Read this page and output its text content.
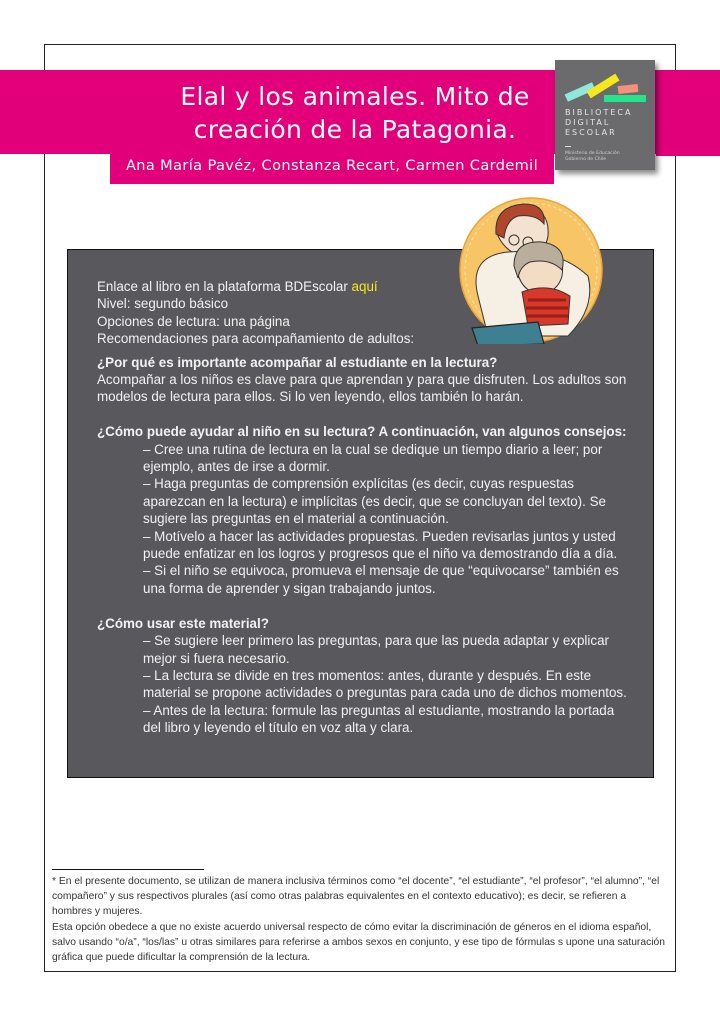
Elal y los animales. Mito de
creación de la Patagonia.
Ana María Pavéz, Constanza Recart, Carmen Cardemil
BIBLIOTECA
DIGITAL
ESCOLAR
Ministerio de Educación
Gobierno de Chile
Enlace al libro en la plataforma BDEscolar aquí
Nivel: segundo básico
Opciones de lectura: una página
Recomendaciones para acompañamiento de adultos:
¿Por qué es importante acompañar al estudiante en la lectura?
Acompañar a los niños es clave para que aprendan y para que disfruten. Los adultos son
modelos de lectura para ellos. Si lo ven leyendo, ellos también lo harán.
¿Cómo puede ayudar al niño en su lectura? A continuación, van algunos consejos:
– Cree una rutina de lectura en la cual se dedique un tiempo diario a leer; por
ejemplo, antes de irse a dormir.
– Haga preguntas de comprensión explícitas (es decir, cuyas respuestas
aparezcan en la lectura) e implícitas (es decir, que se concluyan del texto). Se
sugiere las preguntas en el material a continuación.
– Motívelo a hacer las actividades propuestas. Pueden revisarlas juntos y usted
puede enfatizar en los logros y progresos que el niño va demostrando día a día.
– Si el niño se equivoca, promueva el mensaje de que “equivocarse” también es
una forma de aprender y sigan trabajando juntos.
¿Cómo usar este material?
– Se sugiere leer primero las preguntas, para que las pueda adaptar y explicar
mejor si fuera necesario.
– La lectura se divide en tres momentos: antes, durante y después. En este
material se propone actividades o preguntas para cada uno de dichos momentos.
– Antes de la lectura: formule las preguntas al estudiante, mostrando la portada
del libro y leyendo el título en voz alta y clara.

* En el presente documento, se utilizan de manera inclusiva términos como “el docente”, “el estudiante”, “el profesor”, “el alumno”, “el compañero” y sus respectivos plurales (así como otras palabras equivalentes en el contexto educativo); es decir, se refieren a hombres y mujeres.

Esta opción obedece a que no existe acuerdo universal respecto de cómo evitar la discriminación de géneros en el idioma español, salvo usando “o/a”, “los/las” u otras similares para referirse a ambos sexos en conjunto, y ese tipo de fórmulas s upone una saturación gráfica que puede dificultar la comprensión de la lectura.
